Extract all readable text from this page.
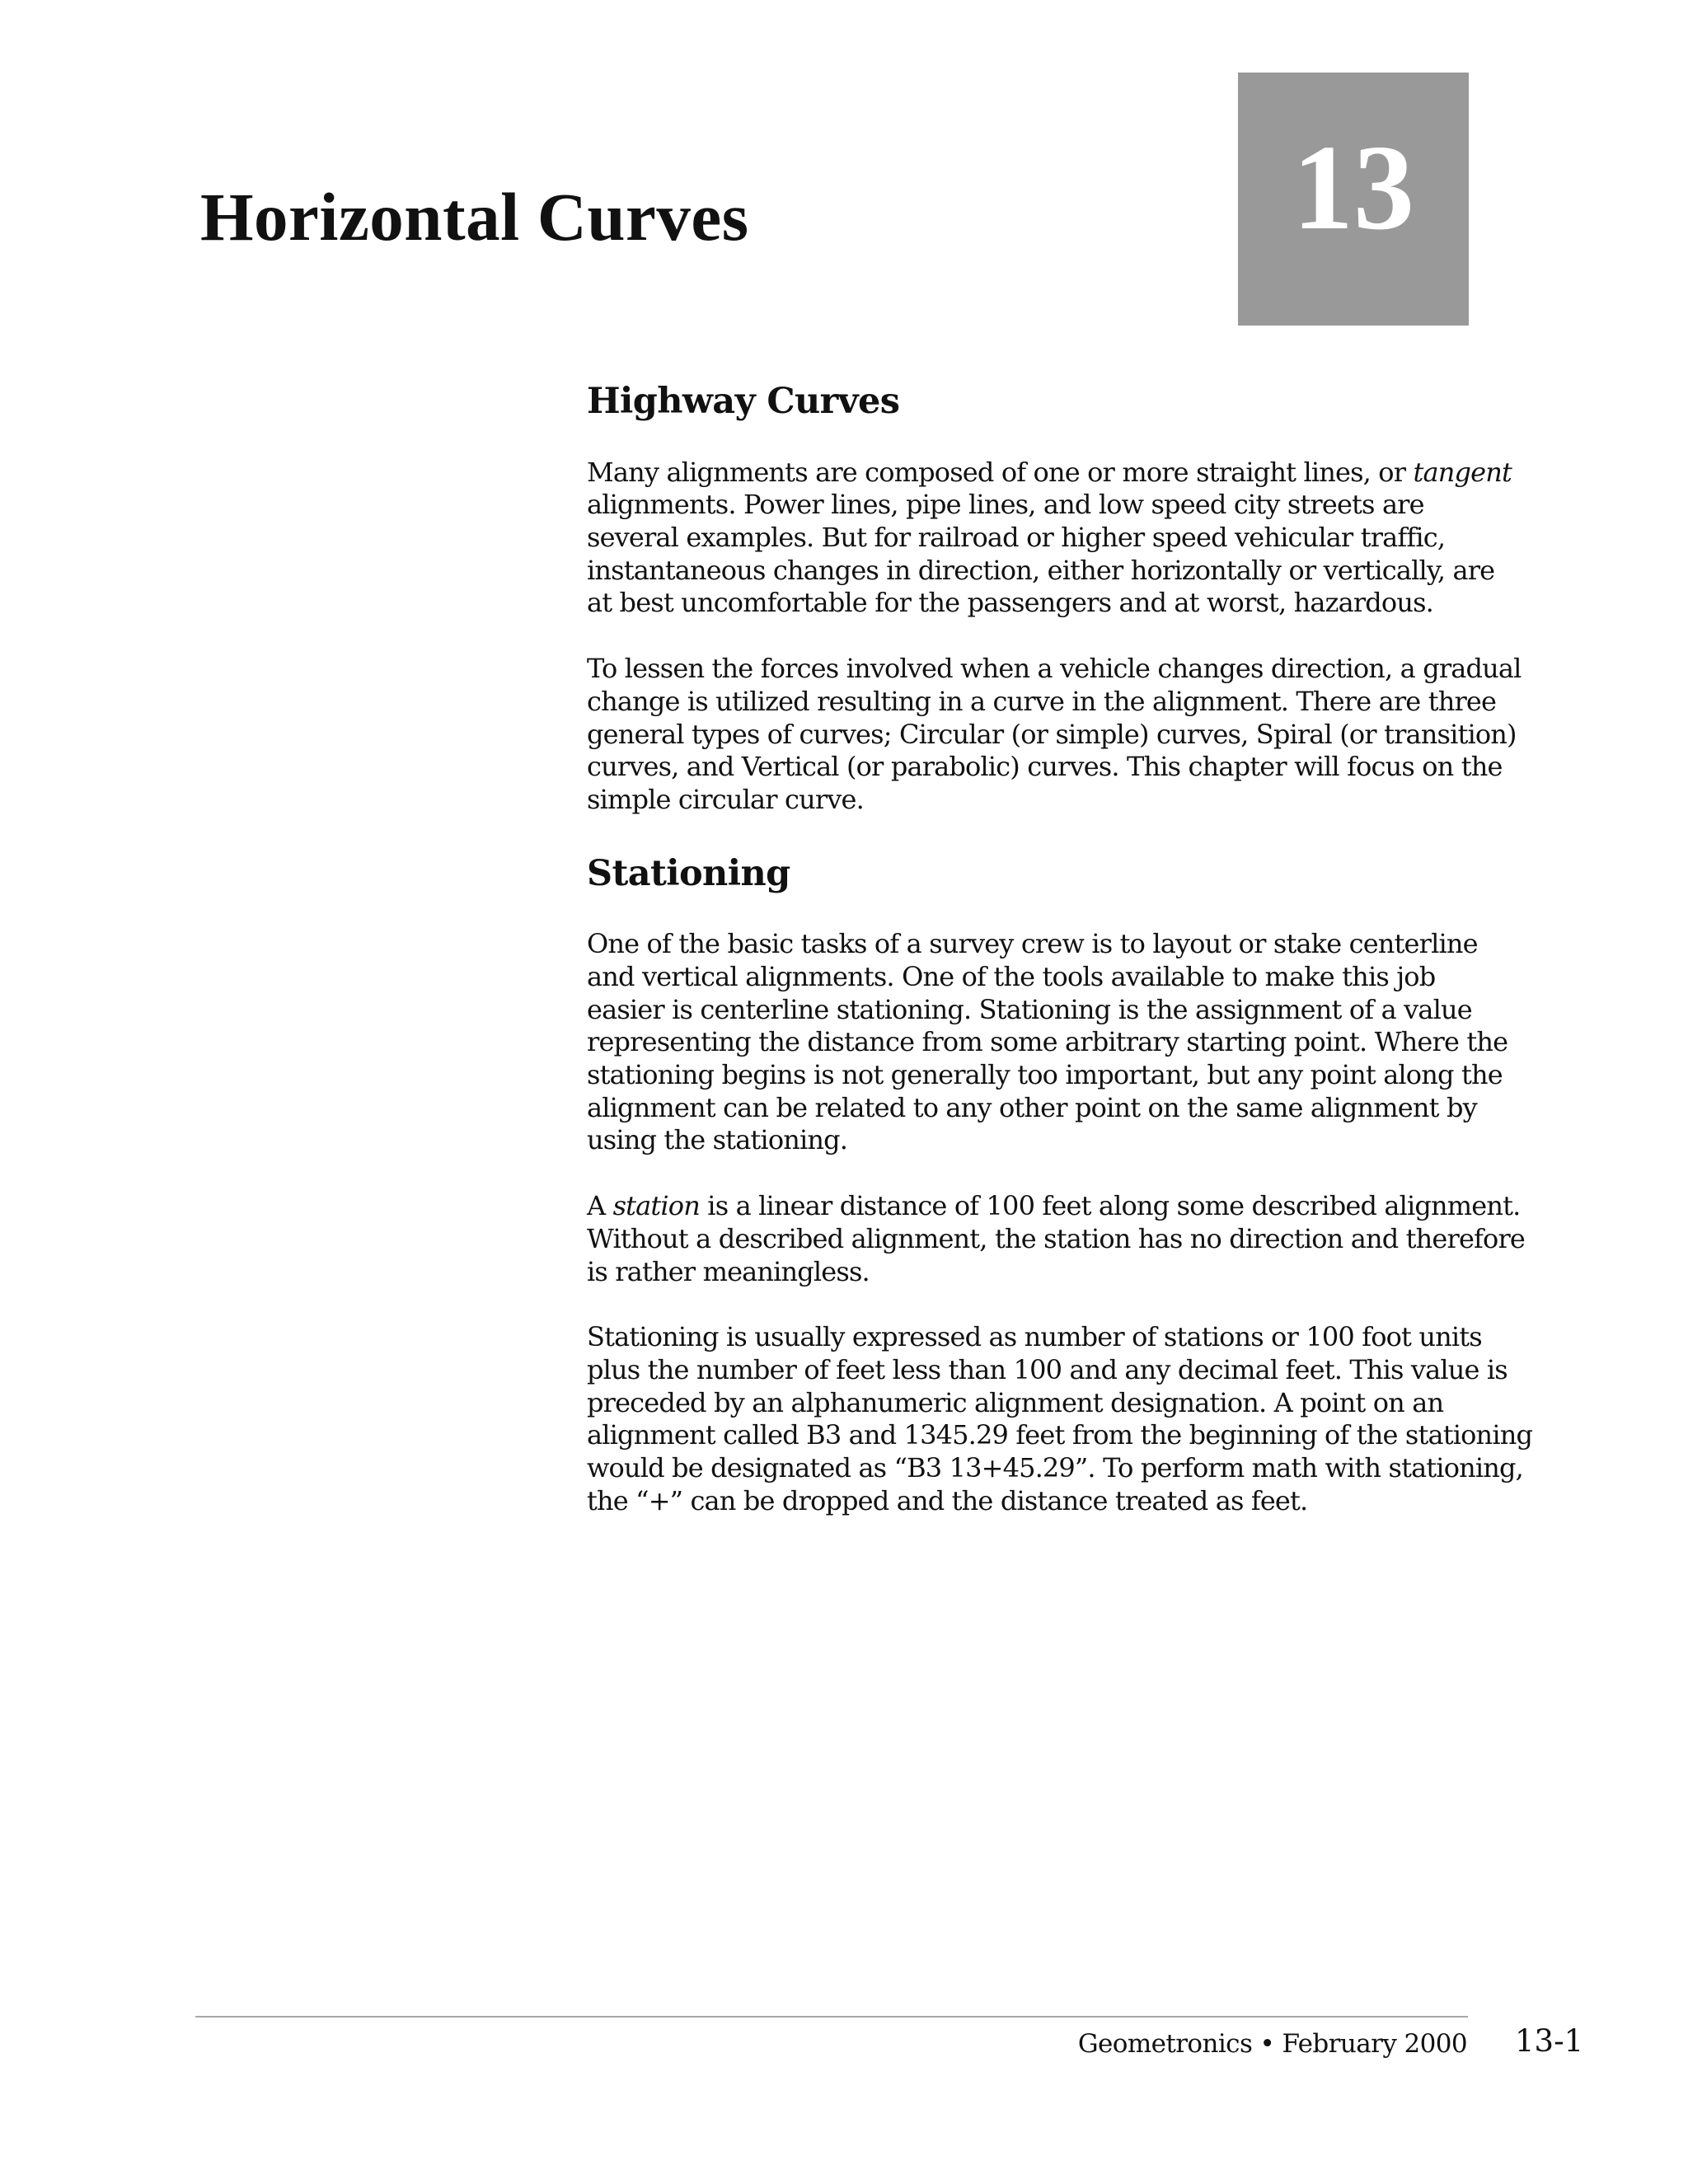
Horizontal Curves	13
Highway Curves

Many alignments are composed of one or more straight lines, or tangent
alignments. Power lines, pipe lines, and low speed city streets are
several examples. But for railroad or higher speed vehicular traffic,
instantaneous changes in direction, either horizontally or vertically, are
at best uncomfortable for the passengers and at worst, hazardous.

To lessen the forces involved when a vehicle changes direction, a gradual
change is utilized resulting in a curve in the alignment. There are three
general types of curves; Circular (or simple) curves, Spiral (or transition)
curves, and Vertical (or parabolic) curves. This chapter will focus on the
simple circular curve.

Stationing

One of the basic tasks of a survey crew is to layout or stake centerline
and vertical alignments. One of the tools available to make this job
easier is centerline stationing. Stationing is the assignment of a value
representing the distance from some arbitrary starting point. Where the
stationing begins is not generally too important, but any point along the
alignment can be related to any other point on the same alignment by
using the stationing.

A station is a linear distance of 100 feet along some described alignment.
Without a described alignment, the station has no direction and therefore
is rather meaningless.

Stationing is usually expressed as number of stations or 100 foot units
plus the number of feet less than 100 and any decimal feet. This value is
preceded by an alphanumeric alignment designation. A point on an
alignment called B3 and 1345.29 feet from the beginning of the stationing
would be designated as “B3 13+45.29”. To perform math with stationing,
the “+” can be dropped and the distance treated as feet.

Geometronics • February 2000 13-1
